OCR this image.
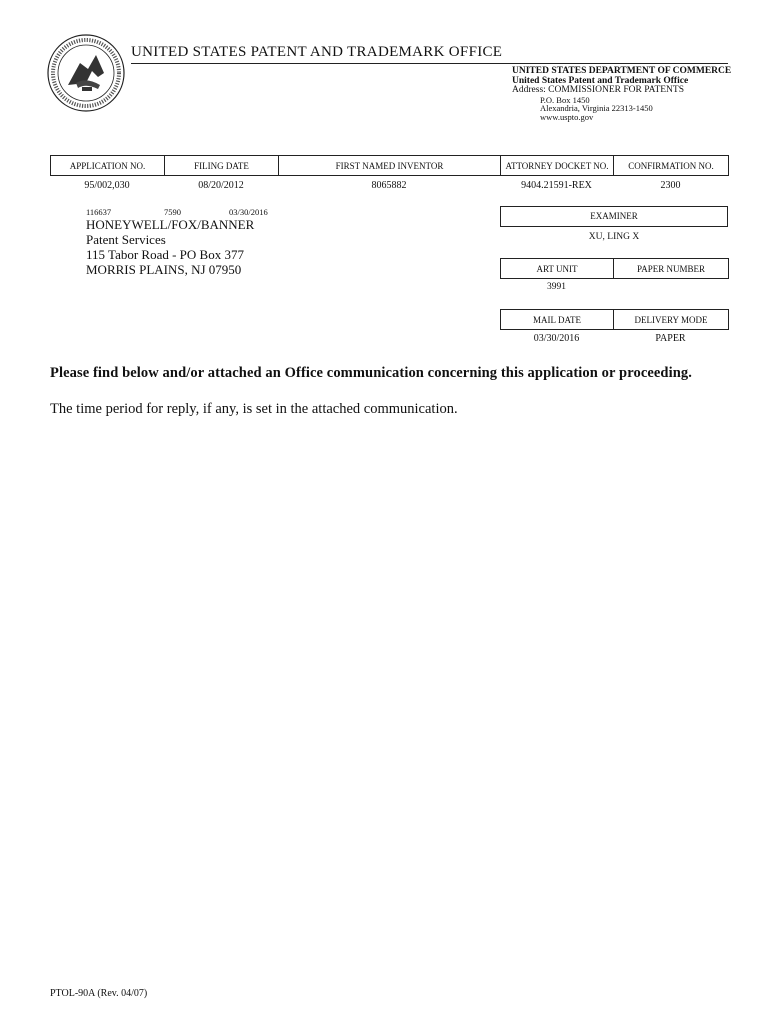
UNITED STATES PATENT AND TRADEMARK OFFICE
UNITED STATES DEPARTMENT OF COMMERCE
United States Patent and Trademark Office
Address: COMMISSIONER FOR PATENTS
P.O. Box 1450
Alexandria, Virginia 22313-1450
www.uspto.gov
APPLICATION NO.	FILING DATE	FIRST NAMED INVENTOR	ATTORNEY DOCKET NO.	CONFIRMATION NO.
95/002,030	08/20/2012	8065882	9404.21591-REX	2300
116637	7590	03/30/2016
HONEYWELL/FOX/BANNER
Patent Services
115 Tabor Road - PO Box 377
MORRIS PLAINS, NJ 07950
EXAMINER
XU, LING X
ART UNIT	PAPER NUMBER
3991
MAIL DATE	DELIVERY MODE
03/30/2016	PAPER
Please find below and/or attached an Office communication concerning this application or proceeding.
The time period for reply, if any, is set in the attached communication.
PTOL-90A (Rev. 04/07)
